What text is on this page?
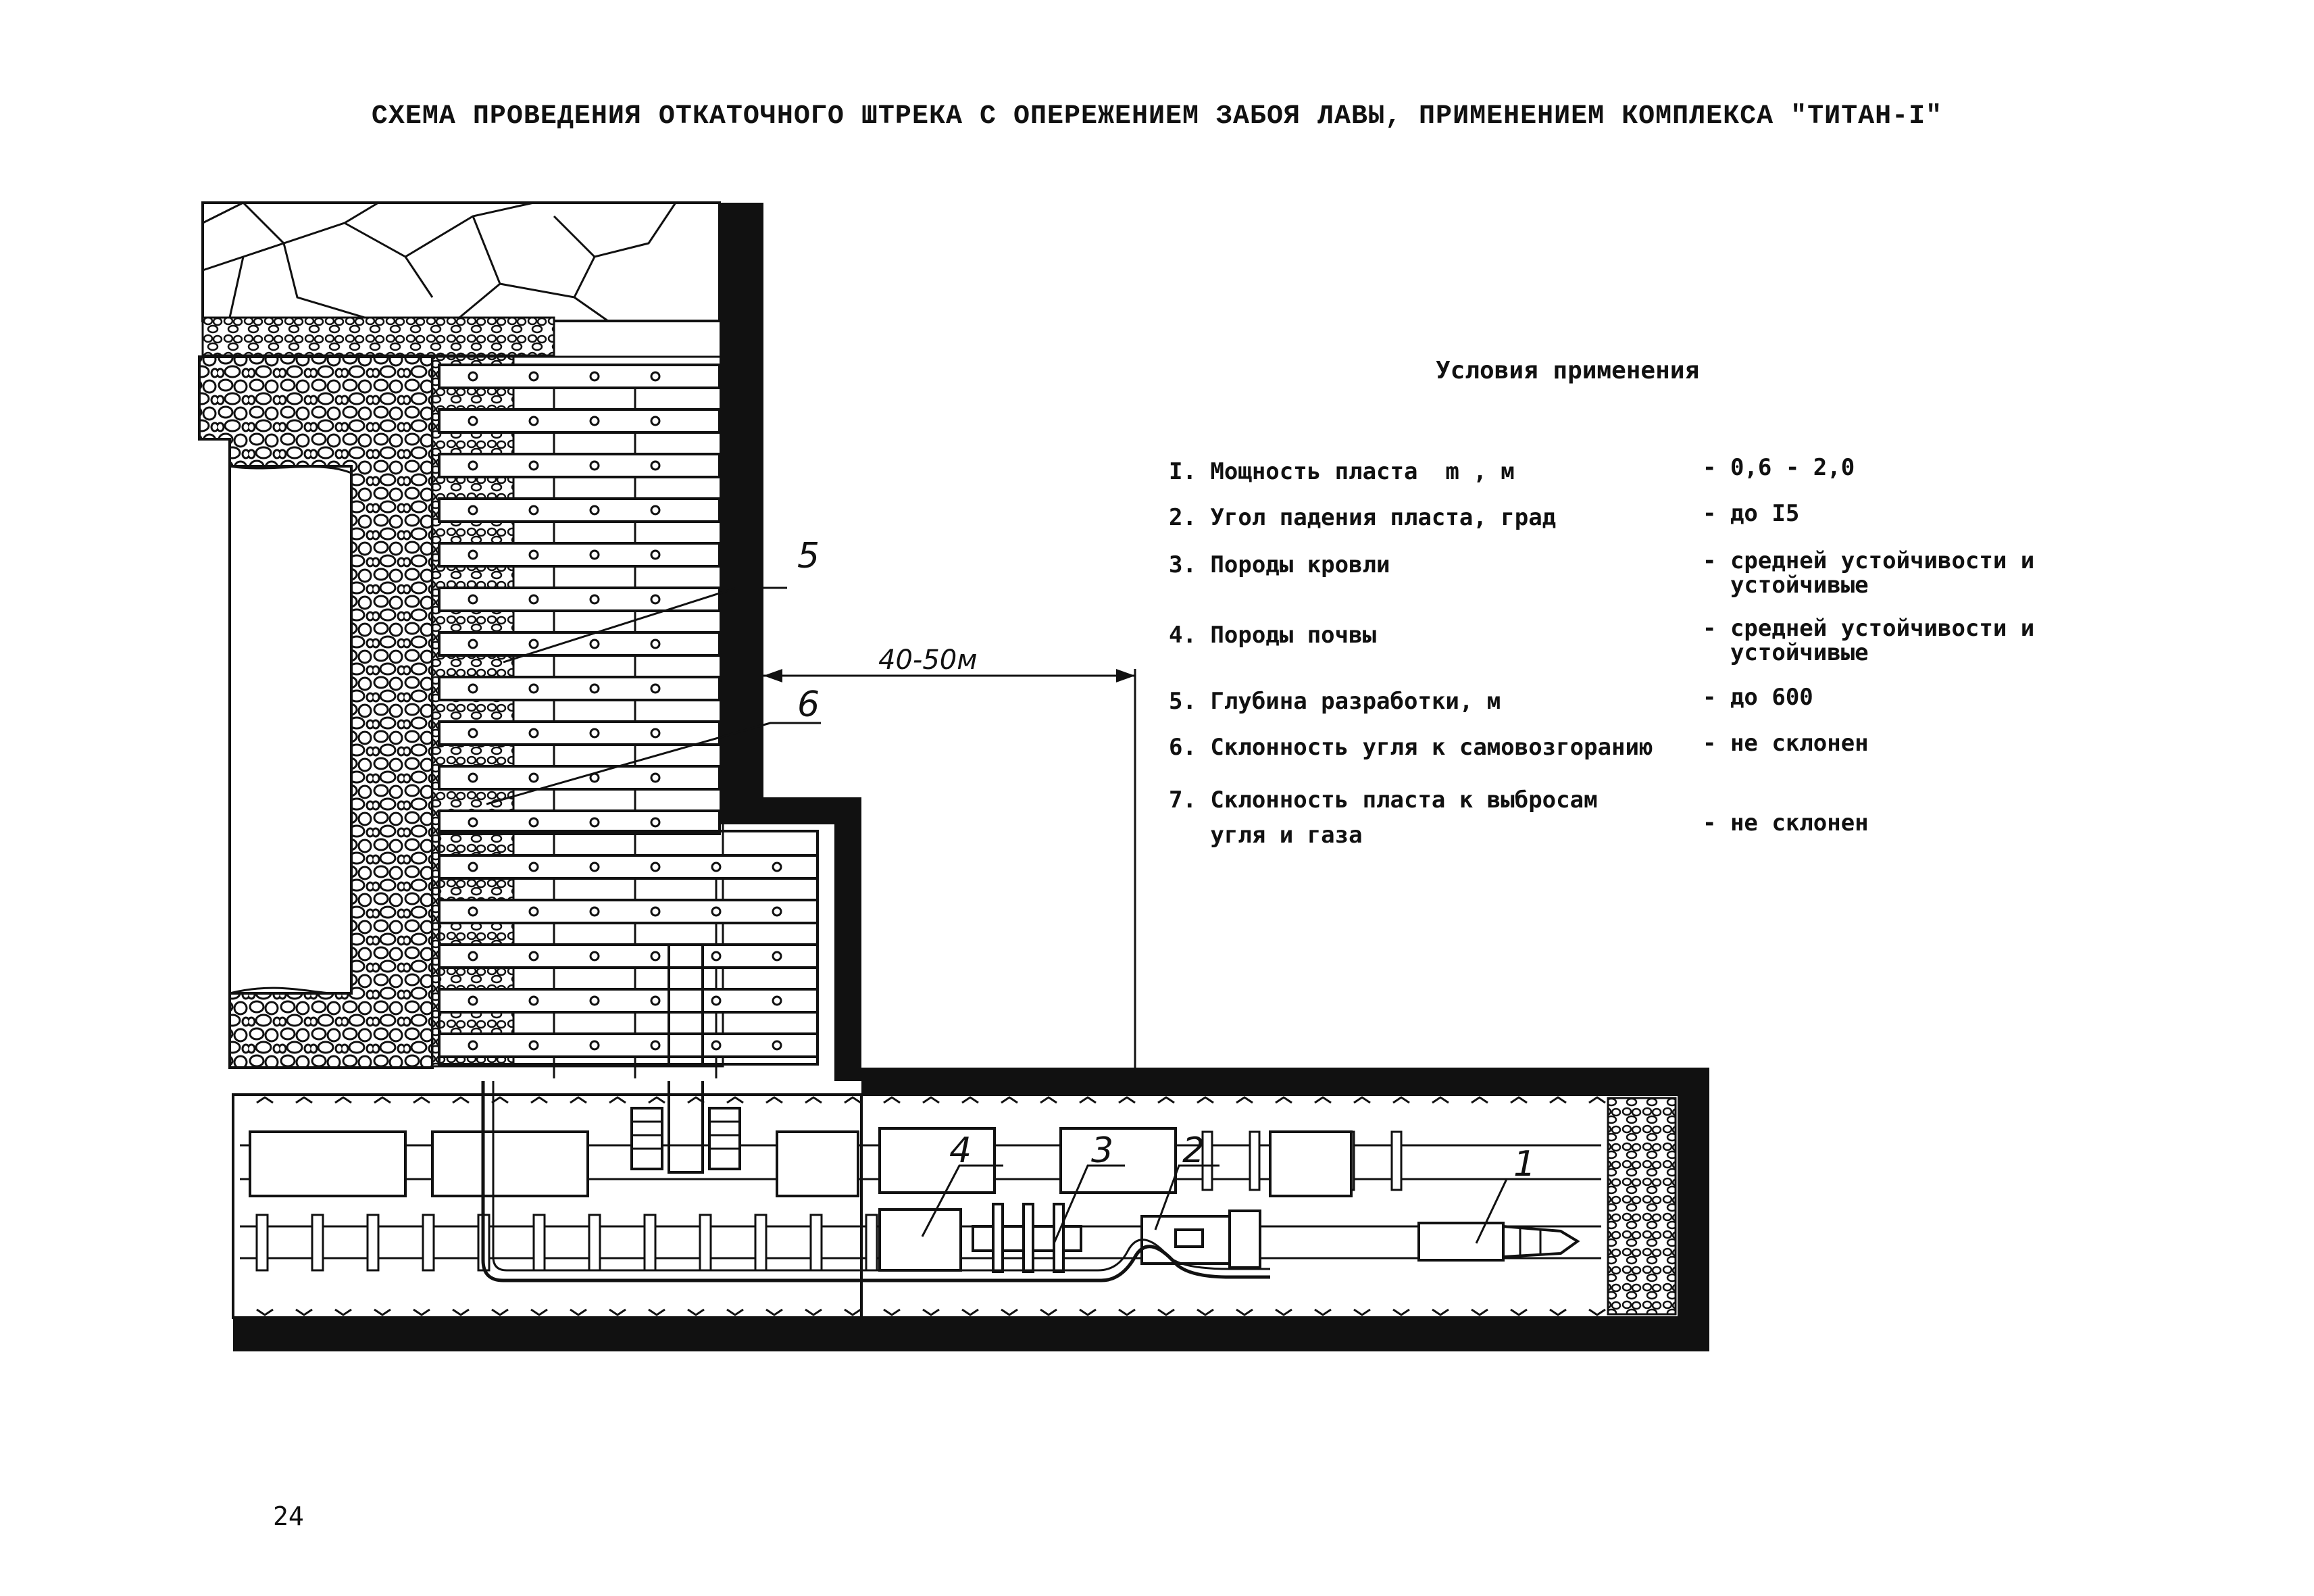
СХЕМА ПРОВЕДЕНИЯ ОТКАТОЧНОГО ШТРЕКА С ОПЕРЕЖЕНИЕМ ЗАБОЯ ЛАВЫ, ПРИМЕНЕНИЕМ КОМПЛЕКСА "ТИТАН-I"
5
6
4	3 2	1
40-50м
Условия применения
I. Мощность пласта  m , м	- 0,6 - 2,0
2. Угол падения пласта, град	- до I5
3. Породы кровли	- средней устойчивости и
устойчивые
4. Породы почвы	- средней устойчивости и
устойчивые
5. Глубина разработки, м	- до 600
6. Склонность угля к самовозгоранию - не склонен
7. Склонность пласта к выбросам
угля и газа	- не склонен
24
